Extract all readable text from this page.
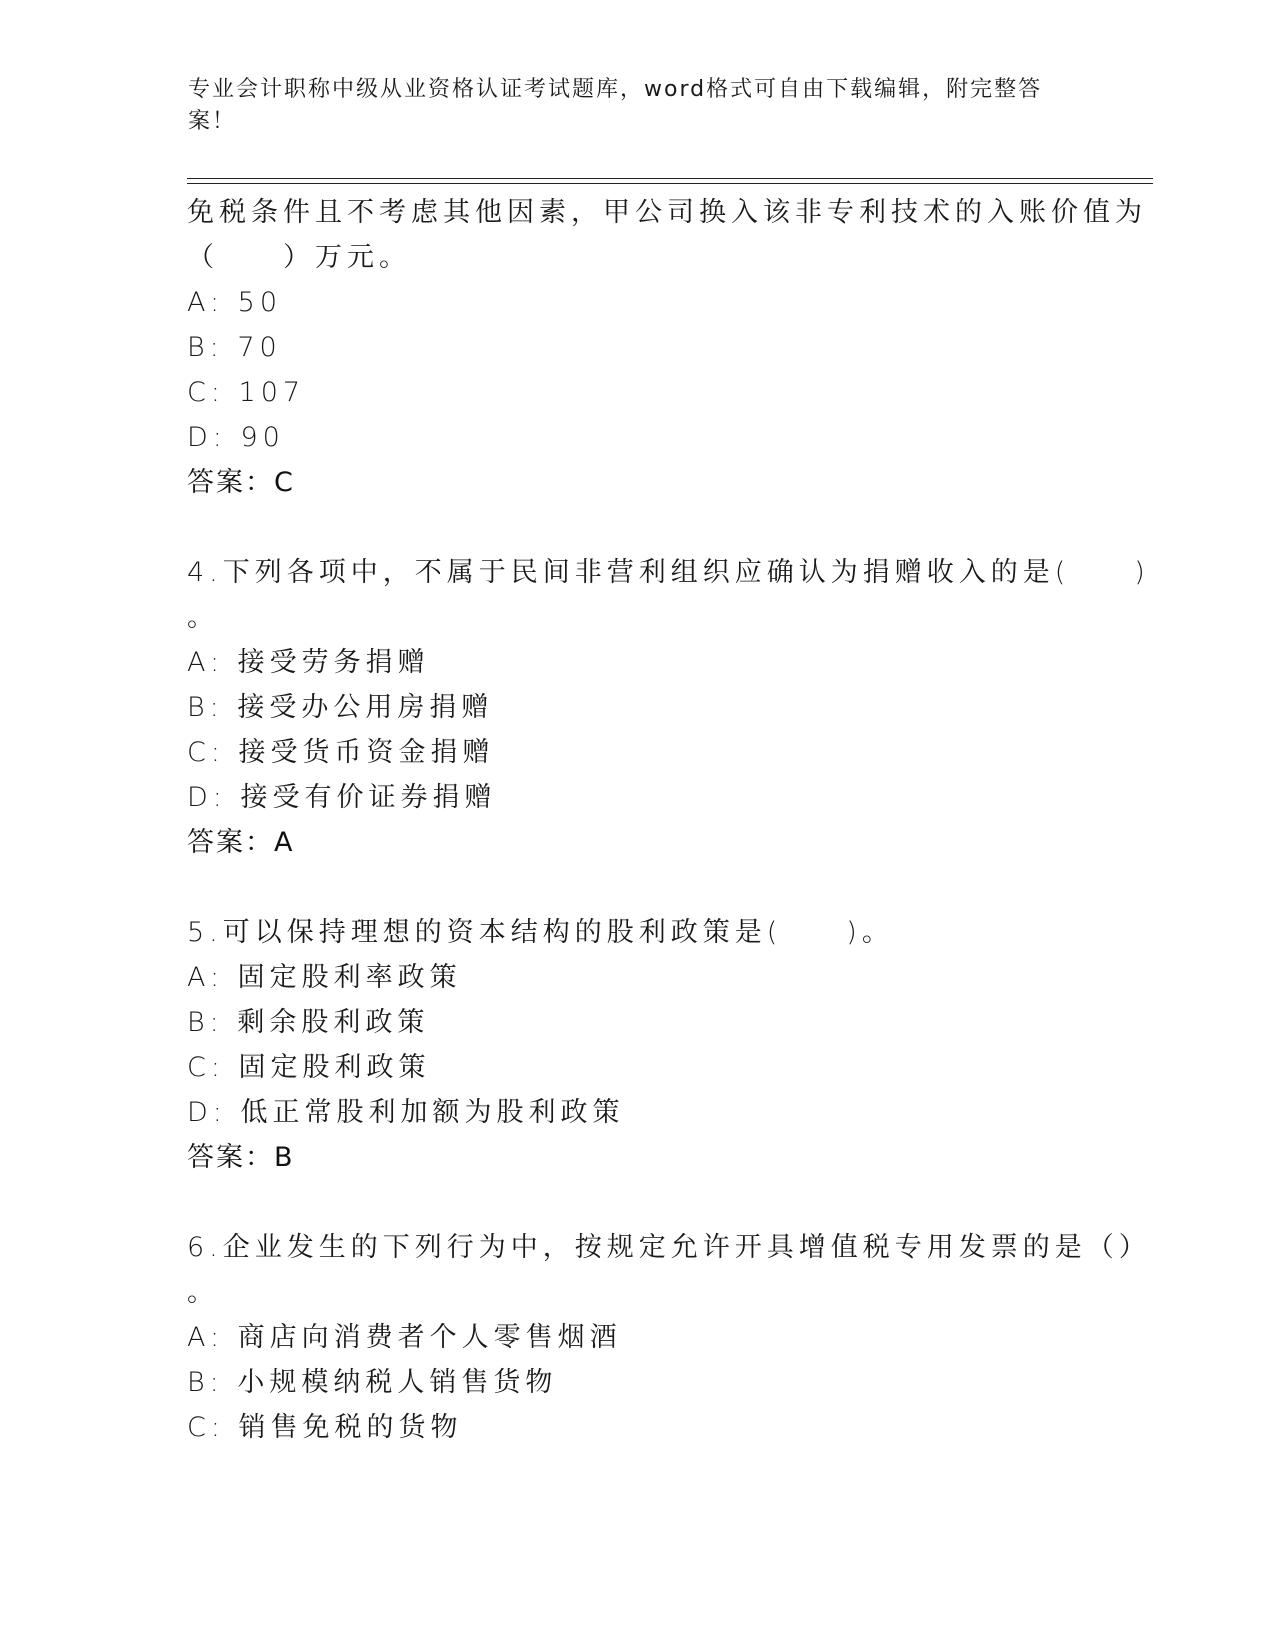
专业会计职称中级从业资格认证考试题库，word格式可自由下载编辑，附完整答
案！
免税条件且不考虑其他因素，甲公司换入该非专利技术的入账价值为
（　　）万元。
A: 50
B: 70
C: 107
D: 90
答案：C
4.下列各项中，不属于民间非营利组织应确认为捐赠收入的是(　　)
。
A: 接受劳务捐赠
B: 接受办公用房捐赠
C: 接受货币资金捐赠
D: 接受有价证券捐赠
答案：A
5.可以保持理想的资本结构的股利政策是(　　)。
A: 固定股利率政策
B: 剩余股利政策
C: 固定股利政策
D: 低正常股利加额为股利政策
答案：B
6.企业发生的下列行为中，按规定允许开具增值税专用发票的是（）
。
A: 商店向消费者个人零售烟酒
B: 小规模纳税人销售货物
C: 销售免税的货物
